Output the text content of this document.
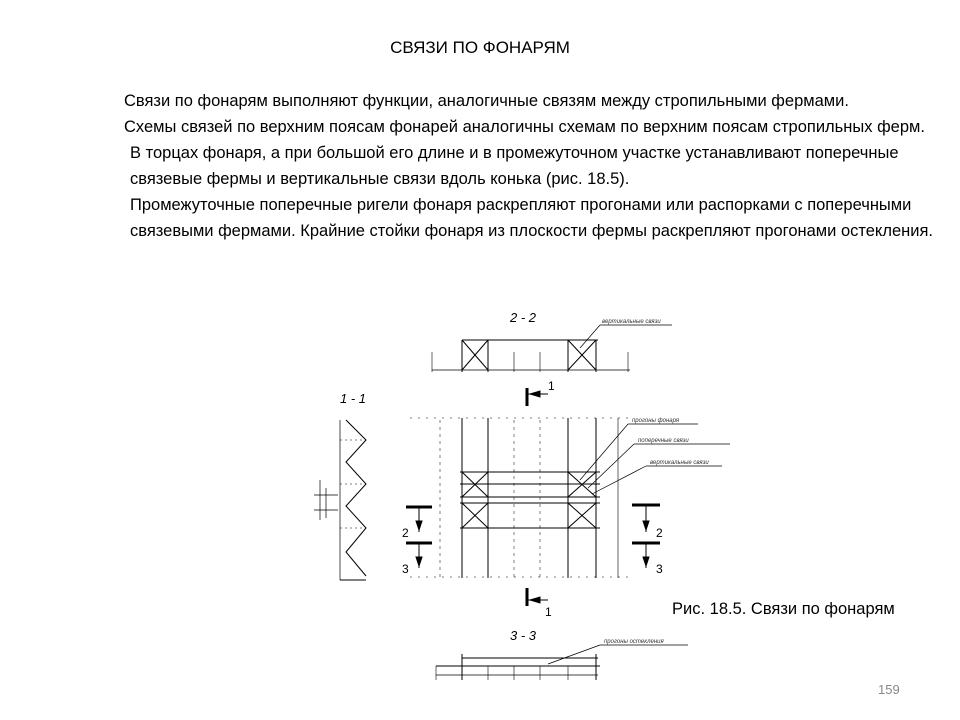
СВЯЗИ ПО ФОНАРЯМ

Связи по фонарям выполняют функции, аналогичные связям между стропильными фермами.

Схемы связей по верхним поясам фонарей аналогичны схемам по верхним поясам стропильных ферм.

В торцах фонаря, а при большой его длине и в промежуточном участке устанавливают поперечные связевые фермы и вертикальные связи вдоль конька (рис. 18.5).

Промежуточные поперечные ригели фонаря раскрепляют прогонами или распорками с поперечными связевыми фермами. Крайние стойки фонаря из плоскости фермы раскрепляют прогонами остекления.

2 - 2
1 - 1
3 - 3
1
1
2
3
2
3
вертикальные связи
прогоны фонаря
поперечные связи
вертикальные связи
прогоны остекления
Рис. 18.5. Связи по фонарям
159
